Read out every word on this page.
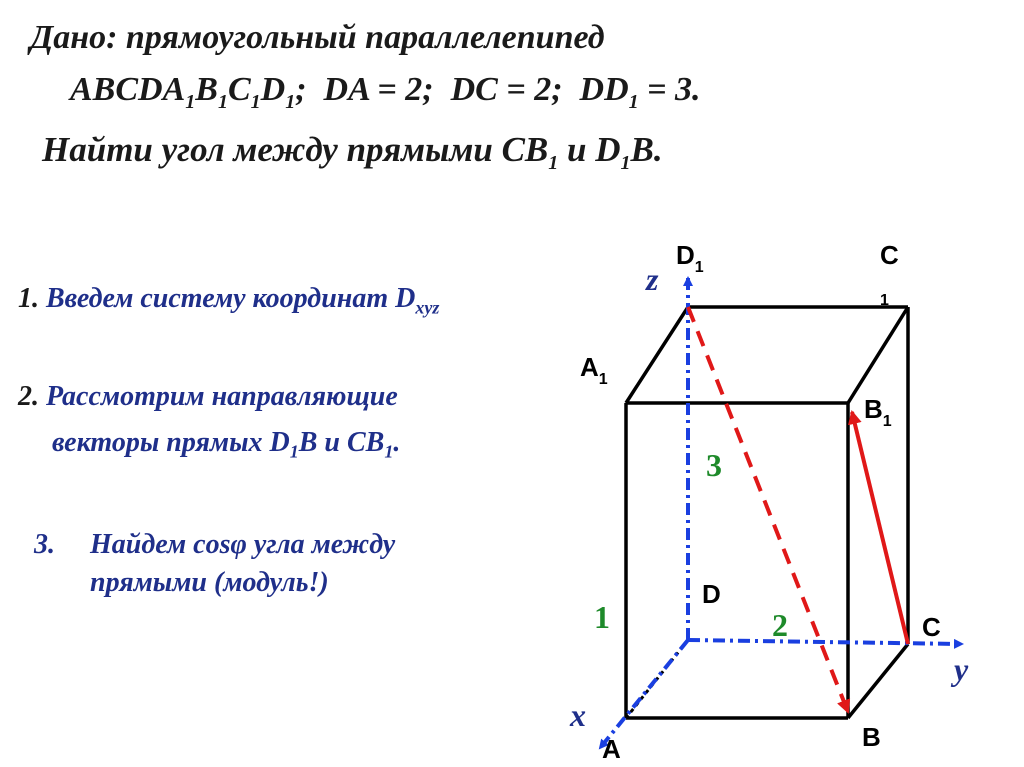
Дано: прямоугольный параллелепипед

$ABCDA_1B_1C_1D_1$; DA = 2; DC = 2; $DD_1 = 3$.

Найти угол между прямыми $CB_1$ и $D_1B$.

1. Введем систему координат $D_{xyz}$

2. Рассмотрим направляющие

векторы прямых $D_1B$ и $CB_1$.

3. Найдем cosφ угла между

прямыми (модуль!)

$D_1$	C
1
$A_1$
$B_1$
D
C
B
A
z
y
x
3
1	2
